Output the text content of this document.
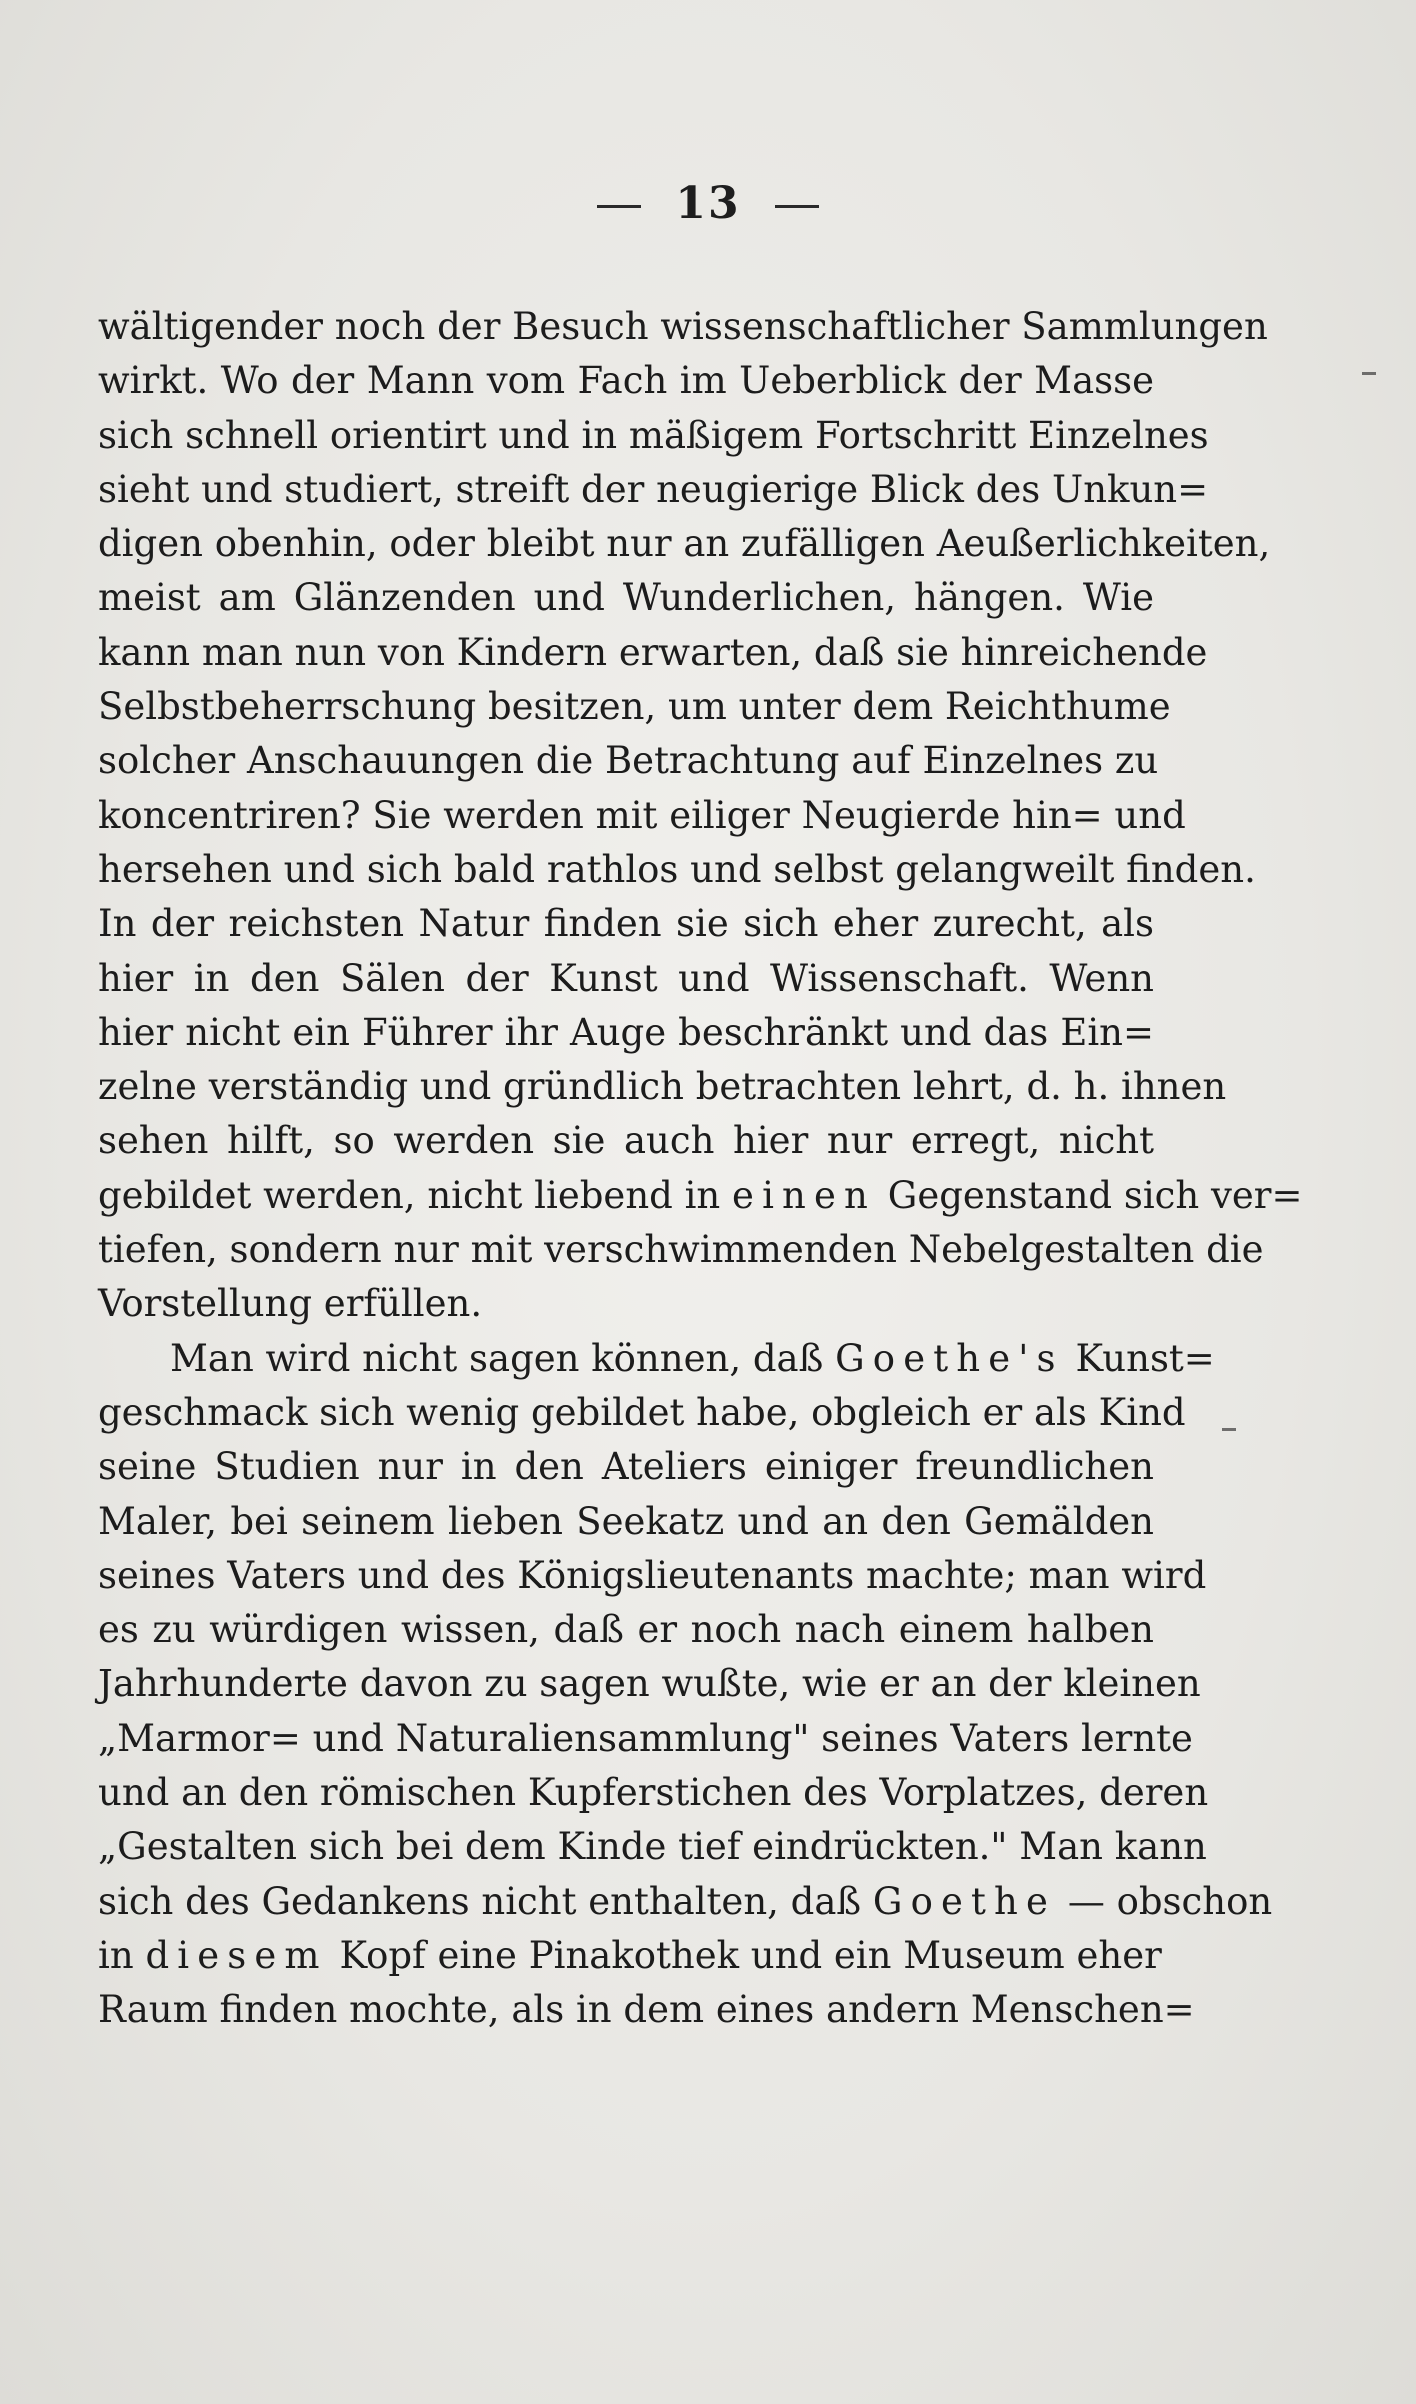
13
wältigender noch der Besuch wissenschaftlicher Sammlungen
wirkt. Wo der Mann vom Fach im Ueberblick der Masse
sich schnell orientirt und in mäßigem Fortschritt Einzelnes
sieht und studiert, streift der neugierige Blick des Unkun=
digen obenhin, oder bleibt nur an zufälligen Aeußerlichkeiten,
meist am Glänzenden und Wunderlichen, hängen. Wie
kann man nun von Kindern erwarten, daß sie hinreichende
Selbstbeherrschung besitzen, um unter dem Reichthume
solcher Anschauungen die Betrachtung auf Einzelnes zu
koncentriren? Sie werden mit eiliger Neugierde hin= und
hersehen und sich bald rathlos und selbst gelangweilt finden.
In der reichsten Natur finden sie sich eher zurecht, als
hier in den Sälen der Kunst und Wissenschaft. Wenn
hier nicht ein Führer ihr Auge beschränkt und das Ein=
zelne verständig und gründlich betrachten lehrt, d. h. ihnen
sehen hilft, so werden sie auch hier nur erregt, nicht
gebildet werden, nicht liebend in einen Gegenstand sich ver=
tiefen, sondern nur mit verschwimmenden Nebelgestalten die
Vorstellung erfüllen.
Man wird nicht sagen können, daß Goethe's Kunst=
geschmack sich wenig gebildet habe, obgleich er als Kind
seine Studien nur in den Ateliers einiger freundlichen
Maler, bei seinem lieben Seekatz und an den Gemälden
seines Vaters und des Königslieutenants machte; man wird
es zu würdigen wissen, daß er noch nach einem halben
Jahrhunderte davon zu sagen wußte, wie er an der kleinen
„Marmor= und Naturaliensammlung" seines Vaters lernte
und an den römischen Kupferstichen des Vorplatzes, deren
„Gestalten sich bei dem Kinde tief eindrückten." Man kann
sich des Gedankens nicht enthalten, daß Goethe — obschon
in diesem Kopf eine Pinakothek und ein Museum eher
Raum finden mochte, als in dem eines andern Menschen=
